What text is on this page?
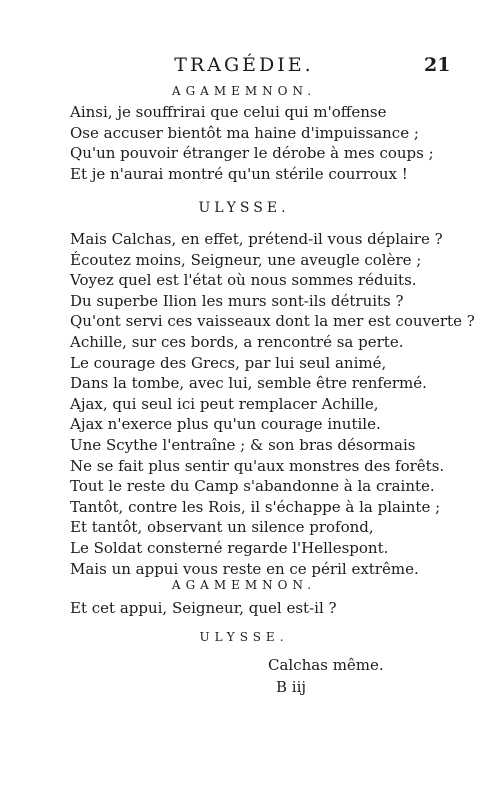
TRAGÉDIE.	21
AGAMEMNON.
Ainsi, je souffrirai que celui qui m'offense
Ose accuser bientôt ma haine d'impuissance ;
Qu'un pouvoir étranger le dérobe à mes coups ;
Et je n'aurai montré qu'un stérile courroux !
ULYSSE.
Mais Calchas, en effet, prétend-il vous déplaire ?
Écoutez moins, Seigneur, une aveugle colère ;
Voyez quel est l'état où nous sommes réduits.
Du superbe Ilion les murs sont-ils détruits ?
Qu'ont servi ces vaisseaux dont la mer est couverte ?
Achille, sur ces bords, a rencontré sa perte.
Le courage des Grecs, par lui seul animé,
Dans la tombe, avec lui, semble être renfermé.
Ajax, qui seul ici peut remplacer Achille,
Ajax n'exerce plus qu'un courage inutile.
Une Scythe l'entraîne ; & son bras désormais
Ne se fait plus sentir qu'aux monstres des forêts.
Tout le reste du Camp s'abandonne à la crainte.
Tantôt, contre les Rois, il s'échappe à la plainte ;
Et tantôt, observant un silence profond,
Le Soldat consterné regarde l'Hellespont.
Mais un appui vous reste en ce péril extrême.
AGAMEMNON.
Et cet appui, Seigneur, quel est-il ?
ULYSSE.
Calchas même.
B iij
